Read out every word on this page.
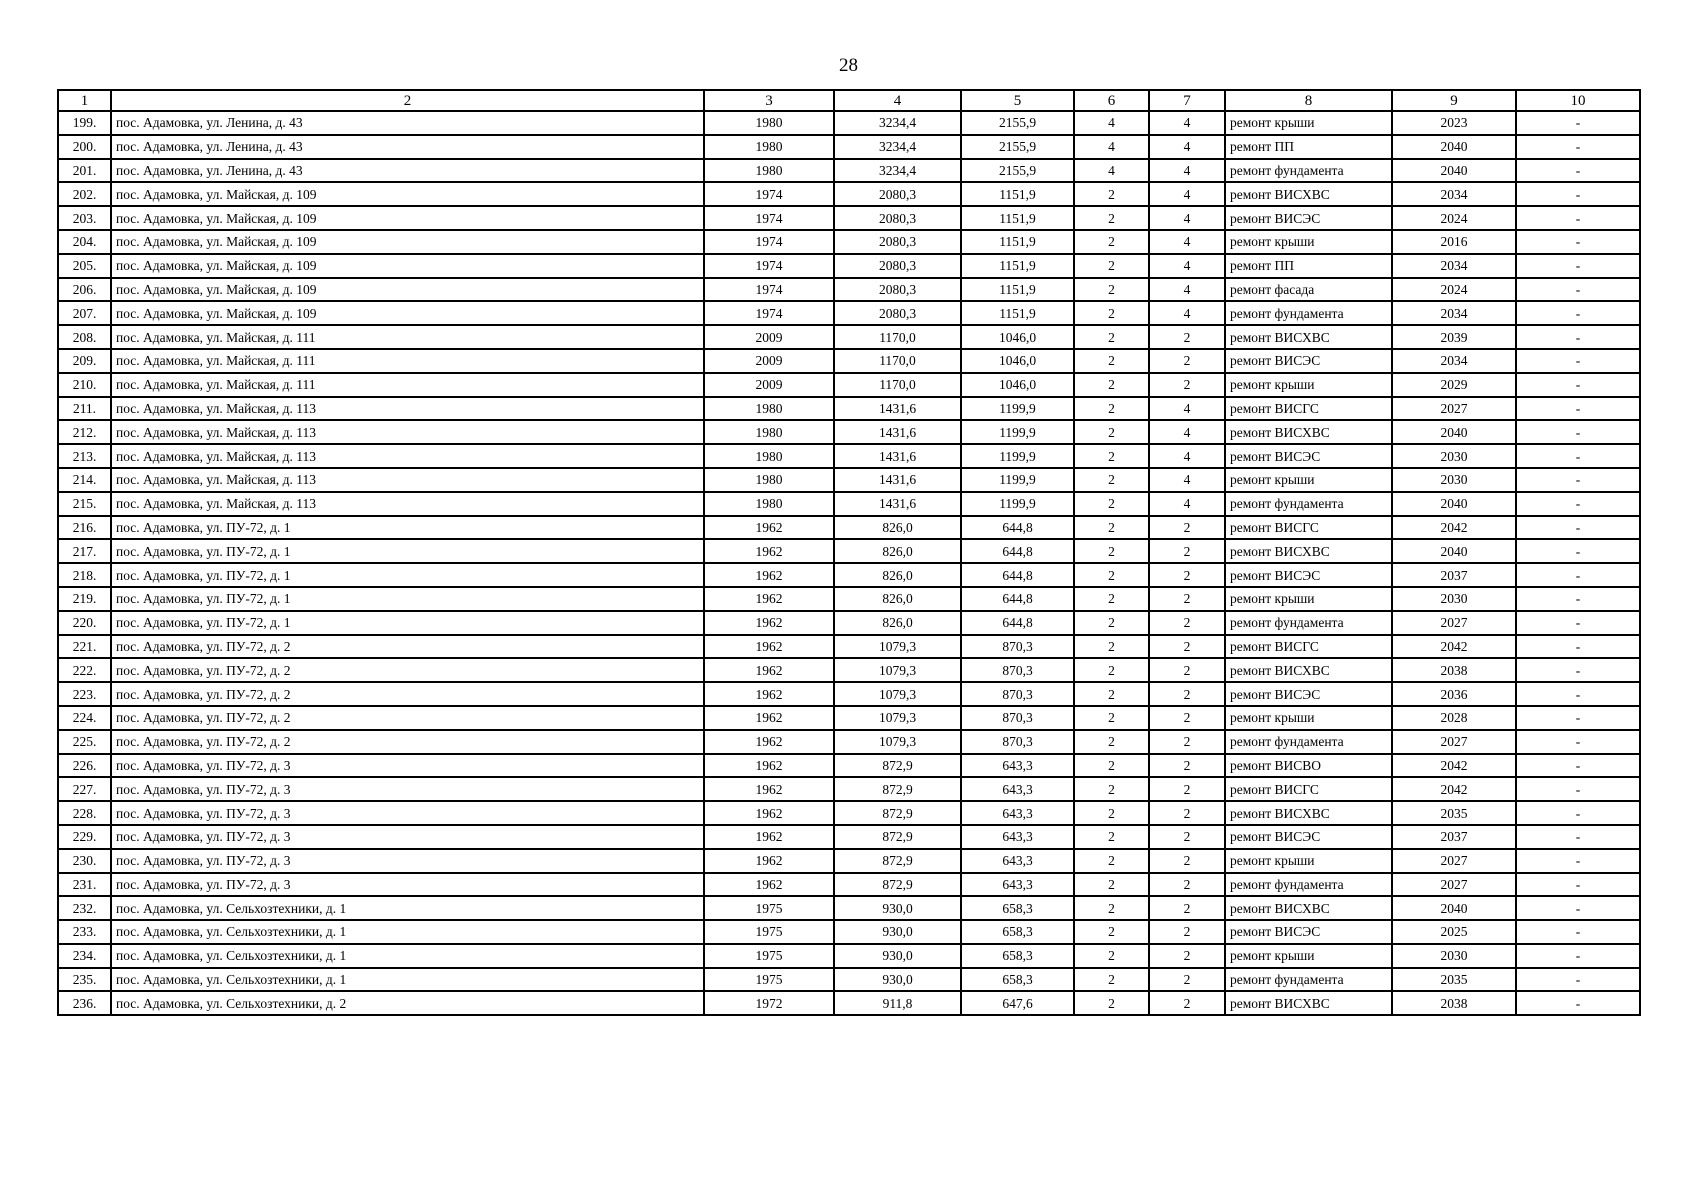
28
1	2	3	4	5	6	7	8	9	10
199.	пос. Адамовка, ул. Ленина, д. 43	1980	3234,4	2155,9	4	4	ремонт крыши	2023	-
200.	пос. Адамовка, ул. Ленина, д. 43	1980	3234,4	2155,9	4	4	ремонт ПП	2040	-
201.	пос. Адамовка, ул. Ленина, д. 43	1980	3234,4	2155,9	4	4	ремонт фундамента	2040	-
202.	пос. Адамовка, ул. Майская, д. 109	1974	2080,3	1151,9	2	4	ремонт ВИСХВС	2034	-
203.	пос. Адамовка, ул. Майская, д. 109	1974	2080,3	1151,9	2	4	ремонт ВИСЭС	2024	-
204.	пос. Адамовка, ул. Майская, д. 109	1974	2080,3	1151,9	2	4	ремонт крыши	2016	-
205.	пос. Адамовка, ул. Майская, д. 109	1974	2080,3	1151,9	2	4	ремонт ПП	2034	-
206.	пос. Адамовка, ул. Майская, д. 109	1974	2080,3	1151,9	2	4	ремонт фасада	2024	-
207.	пос. Адамовка, ул. Майская, д. 109	1974	2080,3	1151,9	2	4	ремонт фундамента	2034	-
208.	пос. Адамовка, ул. Майская, д. 111	2009	1170,0	1046,0	2	2	ремонт ВИСХВС	2039	-
209.	пос. Адамовка, ул. Майская, д. 111	2009	1170,0	1046,0	2	2	ремонт ВИСЭС	2034	-
210.	пос. Адамовка, ул. Майская, д. 111	2009	1170,0	1046,0	2	2	ремонт крыши	2029	-
211.	пос. Адамовка, ул. Майская, д. 113	1980	1431,6	1199,9	2	4	ремонт ВИСГС	2027	-
212.	пос. Адамовка, ул. Майская, д. 113	1980	1431,6	1199,9	2	4	ремонт ВИСХВС	2040	-
213.	пос. Адамовка, ул. Майская, д. 113	1980	1431,6	1199,9	2	4	ремонт ВИСЭС	2030	-
214.	пос. Адамовка, ул. Майская, д. 113	1980	1431,6	1199,9	2	4	ремонт крыши	2030	-
215.	пос. Адамовка, ул. Майская, д. 113	1980	1431,6	1199,9	2	4	ремонт фундамента	2040	-
216.	пос. Адамовка, ул. ПУ-72, д. 1	1962	826,0	644,8	2	2	ремонт ВИСГС	2042	-
217.	пос. Адамовка, ул. ПУ-72, д. 1	1962	826,0	644,8	2	2	ремонт ВИСХВС	2040	-
218.	пос. Адамовка, ул. ПУ-72, д. 1	1962	826,0	644,8	2	2	ремонт ВИСЭС	2037	-
219.	пос. Адамовка, ул. ПУ-72, д. 1	1962	826,0	644,8	2	2	ремонт крыши	2030	-
220.	пос. Адамовка, ул. ПУ-72, д. 1	1962	826,0	644,8	2	2	ремонт фундамента	2027	-
221.	пос. Адамовка, ул. ПУ-72, д. 2	1962	1079,3	870,3	2	2	ремонт ВИСГС	2042	-
222.	пос. Адамовка, ул. ПУ-72, д. 2	1962	1079,3	870,3	2	2	ремонт ВИСХВС	2038	-
223.	пос. Адамовка, ул. ПУ-72, д. 2	1962	1079,3	870,3	2	2	ремонт ВИСЭС	2036	-
224.	пос. Адамовка, ул. ПУ-72, д. 2	1962	1079,3	870,3	2	2	ремонт крыши	2028	-
225.	пос. Адамовка, ул. ПУ-72, д. 2	1962	1079,3	870,3	2	2	ремонт фундамента	2027	-
226.	пос. Адамовка, ул. ПУ-72, д. 3	1962	872,9	643,3	2	2	ремонт ВИСВО	2042	-
227.	пос. Адамовка, ул. ПУ-72, д. 3	1962	872,9	643,3	2	2	ремонт ВИСГС	2042	-
228.	пос. Адамовка, ул. ПУ-72, д. 3	1962	872,9	643,3	2	2	ремонт ВИСХВС	2035	-
229.	пос. Адамовка, ул. ПУ-72, д. 3	1962	872,9	643,3	2	2	ремонт ВИСЭС	2037	-
230.	пос. Адамовка, ул. ПУ-72, д. 3	1962	872,9	643,3	2	2	ремонт крыши	2027	-
231.	пос. Адамовка, ул. ПУ-72, д. 3	1962	872,9	643,3	2	2	ремонт фундамента	2027	-
232.	пос. Адамовка, ул. Сельхозтехники, д. 1	1975	930,0	658,3	2	2	ремонт ВИСХВС	2040	-
233.	пос. Адамовка, ул. Сельхозтехники, д. 1	1975	930,0	658,3	2	2	ремонт ВИСЭС	2025	-
234.	пос. Адамовка, ул. Сельхозтехники, д. 1	1975	930,0	658,3	2	2	ремонт крыши	2030	-
235.	пос. Адамовка, ул. Сельхозтехники, д. 1	1975	930,0	658,3	2	2	ремонт фундамента	2035	-
236.	пос. Адамовка, ул. Сельхозтехники, д. 2	1972	911,8	647,6	2	2	ремонт ВИСХВС	2038	-
